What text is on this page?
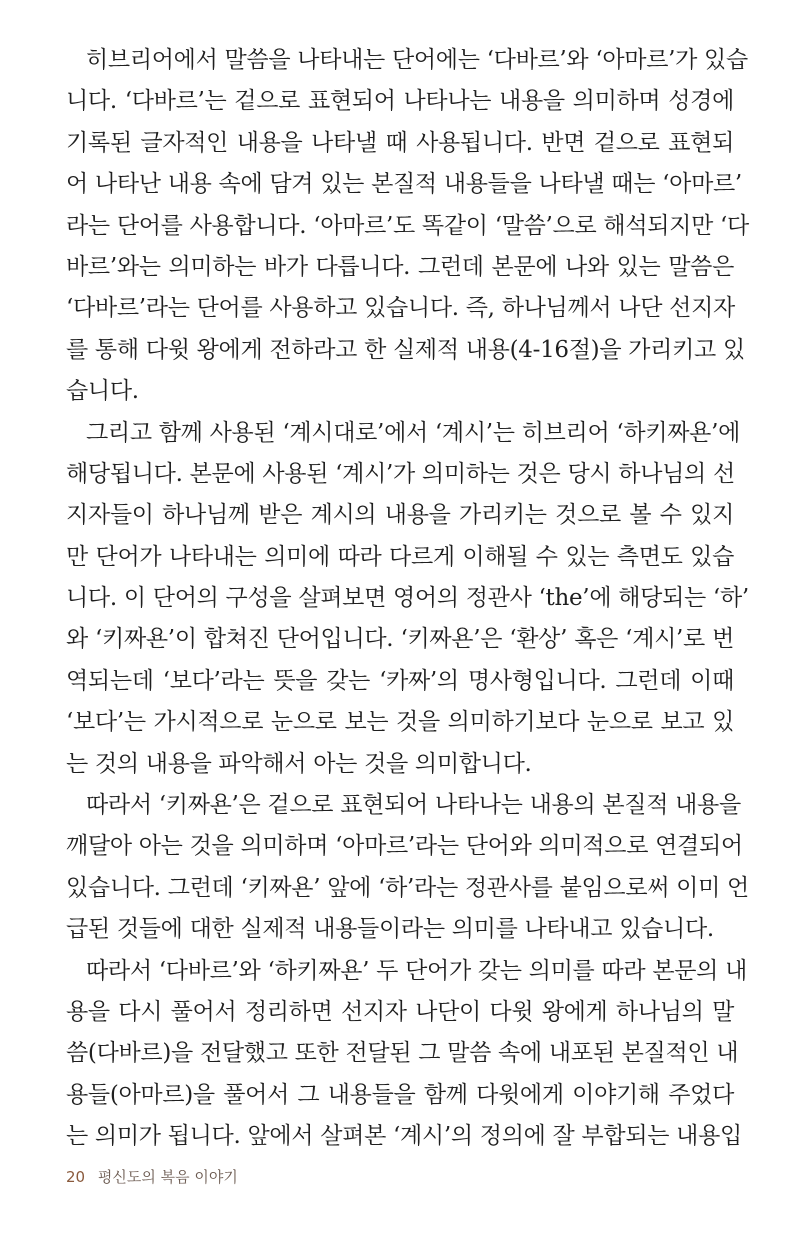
히브리어에서 말씀을 나타내는 단어에는 ‘다바르’와 ‘아마르’가 있습
니다. ‘다바르’는 겉으로 표현되어 나타나는 내용을 의미하며 성경에
기록된 글자적인 내용을 나타낼 때 사용됩니다. 반면 겉으로 표현되
어 나타난 내용 속에 담겨 있는 본질적 내용들을 나타낼 때는 ‘아마르’
라는 단어를 사용합니다. ‘아마르’도 똑같이 ‘말씀’으로 해석되지만 ‘다
바르’와는 의미하는 바가 다릅니다. 그런데 본문에 나와 있는 말씀은
‘다바르’라는 단어를 사용하고 있습니다. 즉, 하나님께서 나단 선지자
를 통해 다윗 왕에게 전하라고 한 실제적 내용(4-16절)을 가리키고 있
습니다.
그리고 함께 사용된 ‘계시대로’에서 ‘계시’는 히브리어 ‘하키짜욘’에
해당됩니다. 본문에 사용된 ‘계시’가 의미하는 것은 당시 하나님의 선
지자들이 하나님께 받은 계시의 내용을 가리키는 것으로 볼 수 있지
만 단어가 나타내는 의미에 따라 다르게 이해될 수 있는 측면도 있습
니다. 이 단어의 구성을 살펴보면 영어의 정관사 ‘the’에 해당되는 ‘하’
와 ‘키짜욘’이 합쳐진 단어입니다. ‘키짜욘’은 ‘환상’ 혹은 ‘계시’로 번
역되는데 ‘보다’라는 뜻을 갖는 ‘카짜’의 명사형입니다. 그런데 이때
‘보다’는 가시적으로 눈으로 보는 것을 의미하기보다 눈으로 보고 있
는 것의 내용을 파악해서 아는 것을 의미합니다.
따라서 ‘키짜욘’은 겉으로 표현되어 나타나는 내용의 본질적 내용을
깨달아 아는 것을 의미하며 ‘아마르’라는 단어와 의미적으로 연결되어
있습니다. 그런데 ‘키짜욘’ 앞에 ‘하’라는 정관사를 붙임으로써 이미 언
급된 것들에 대한 실제적 내용들이라는 의미를 나타내고 있습니다.
따라서 ‘다바르’와 ‘하키짜욘’ 두 단어가 갖는 의미를 따라 본문의 내
용을 다시 풀어서 정리하면 선지자 나단이 다윗 왕에게 하나님의 말
씀(다바르)을 전달했고 또한 전달된 그 말씀 속에 내포된 본질적인 내
용들(아마르)을 풀어서 그 내용들을 함께 다윗에게 이야기해 주었다
는 의미가 됩니다. 앞에서 살펴본 ‘계시’의 정의에 잘 부합되는 내용입
20 평신도의 복음 이야기
